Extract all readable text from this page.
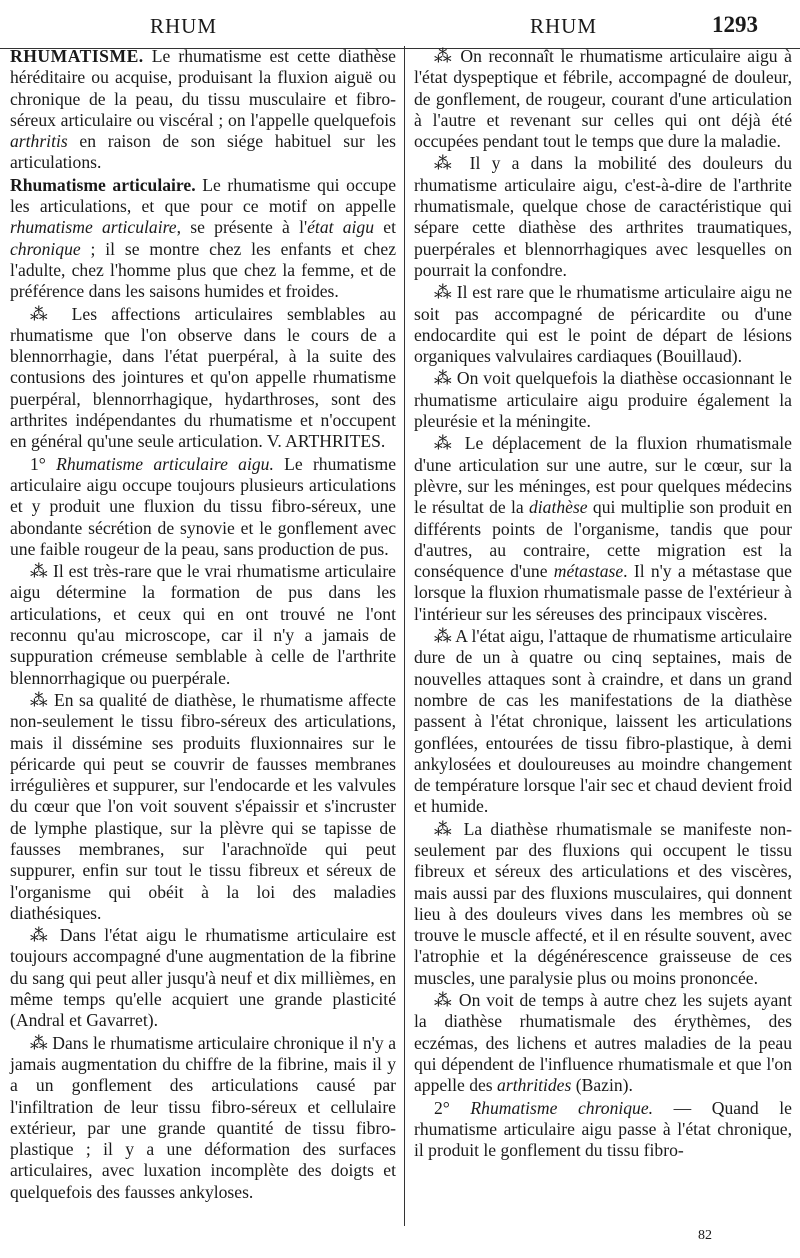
RHUM	RHUM	1293

RHUMATISME. Le rhumatisme est cette diathèse héréditaire ou acquise, produisant la fluxion aiguë ou chronique de la peau, du tissu musculaire et fibro-séreux articulaire ou viscéral ; on l'appelle quelquefois arthritis en raison de son siége habituel sur les articulations.

Rhumatisme articulaire. Le rhumatisme qui occupe les articulations, et que pour ce motif on appelle rhumatisme articulaire, se présente à l'état aigu et chronique ; il se montre chez les enfants et chez l'adulte, chez l'homme plus que chez la femme, et de préférence dans les saisons humides et froides.

⁂ Les affections articulaires semblables au rhumatisme que l'on observe dans le cours de a blennorrhagie, dans l'état puerpéral, à la suite des contusions des jointures et qu'on appelle rhumatisme puerpéral, blennorrhagique, hydarthroses, sont des arthrites indépendantes du rhumatisme et n'occupent en général qu'une seule articulation. V. ARTHRITES.

1° Rhumatisme articulaire aigu. Le rhumatisme articulaire aigu occupe toujours plusieurs articulations et y produit une fluxion du tissu fibro-séreux, une abondante sécrétion de synovie et le gonflement avec une faible rougeur de la peau, sans production de pus.

⁂ Il est très-rare que le vrai rhumatisme articulaire aigu détermine la formation de pus dans les articulations, et ceux qui en ont trouvé ne l'ont reconnu qu'au microscope, car il n'y a jamais de suppuration crémeuse semblable à celle de l'arthrite blennorrhagique ou puerpérale.

⁂ En sa qualité de diathèse, le rhumatisme affecte non-seulement le tissu fibro-séreux des articulations, mais il dissémine ses produits fluxionnaires sur le péricarde qui peut se couvrir de fausses membranes irrégulières et suppurer, sur l'endocarde et les valvules du cœur que l'on voit souvent s'épaissir et s'incruster de lymphe plastique, sur la plèvre qui se tapisse de fausses membranes, sur l'arachnoïde qui peut suppurer, enfin sur tout le tissu fibreux et séreux de l'organisme qui obéit à la loi des maladies diathésiques.

⁂ Dans l'état aigu le rhumatisme articulaire est toujours accompagné d'une augmentation de la fibrine du sang qui peut aller jusqu'à neuf et dix millièmes, en même temps qu'elle acquiert une grande plasticité (Andral et Gavarret).

⁂ Dans le rhumatisme articulaire chronique il n'y a jamais augmentation du chiffre de la fibrine, mais il y a un gonflement des articulations causé par l'infiltration de leur tissu fibro-séreux et cellulaire extérieur, par une grande quantité de tissu fibro-plastique ; il y a une déformation des surfaces articulaires, avec luxation incomplète des doigts et quelquefois des fausses ankyloses.

⁂ On reconnaît le rhumatisme articulaire aigu à l'état dyspeptique et fébrile, accompagné de douleur, de gonflement, de rougeur, courant d'une articulation à l'autre et revenant sur celles qui ont déjà été occupées pendant tout le temps que dure la maladie.

⁂ Il y a dans la mobilité des douleurs du rhumatisme articulaire aigu, c'est-à-dire de l'arthrite rhumatismale, quelque chose de caractéristique qui sépare cette diathèse des arthrites traumatiques, puerpérales et blennorrhagiques avec lesquelles on pourrait la confondre.

⁂ Il est rare que le rhumatisme articulaire aigu ne soit pas accompagné de péricardite ou d'une endocardite qui est le point de départ de lésions organiques valvulaires cardiaques (Bouillaud).

⁂ On voit quelquefois la diathèse occasionnant le rhumatisme articulaire aigu produire également la pleurésie et la méningite.

⁂ Le déplacement de la fluxion rhumatismale d'une articulation sur une autre, sur le cœur, sur la plèvre, sur les méninges, est pour quelques médecins le résultat de la diathèse qui multiplie son produit en différents points de l'organisme, tandis que pour d'autres, au contraire, cette migration est la conséquence d'une métastase. Il n'y a métastase que lorsque la fluxion rhumatismale passe de l'extérieur à l'intérieur sur les séreuses des principaux viscères.

⁂ A l'état aigu, l'attaque de rhumatisme articulaire dure de un à quatre ou cinq septaines, mais de nouvelles attaques sont à craindre, et dans un grand nombre de cas les manifestations de la diathèse passent à l'état chronique, laissent les articulations gonflées, entourées de tissu fibro-plastique, à demi ankylosées et douloureuses au moindre changement de température lorsque l'air sec et chaud devient froid et humide.

⁂ La diathèse rhumatismale se manifeste non-seulement par des fluxions qui occupent le tissu fibreux et séreux des articulations et des viscères, mais aussi par des fluxions musculaires, qui donnent lieu à des douleurs vives dans les membres où se trouve le muscle affecté, et il en résulte souvent, avec l'atrophie et la dégénérescence graisseuse de ces muscles, une paralysie plus ou moins prononcée.

⁂ On voit de temps à autre chez les sujets ayant la diathèse rhumatismale des érythèmes, des eczémas, des lichens et autres maladies de la peau qui dépendent de l'influence rhumatismale et que l'on appelle des arthritides (Bazin).

2° Rhumatisme chronique. — Quand le rhumatisme articulaire aigu passe à l'état chronique, il produit le gonflement du tissu fibro-

82
